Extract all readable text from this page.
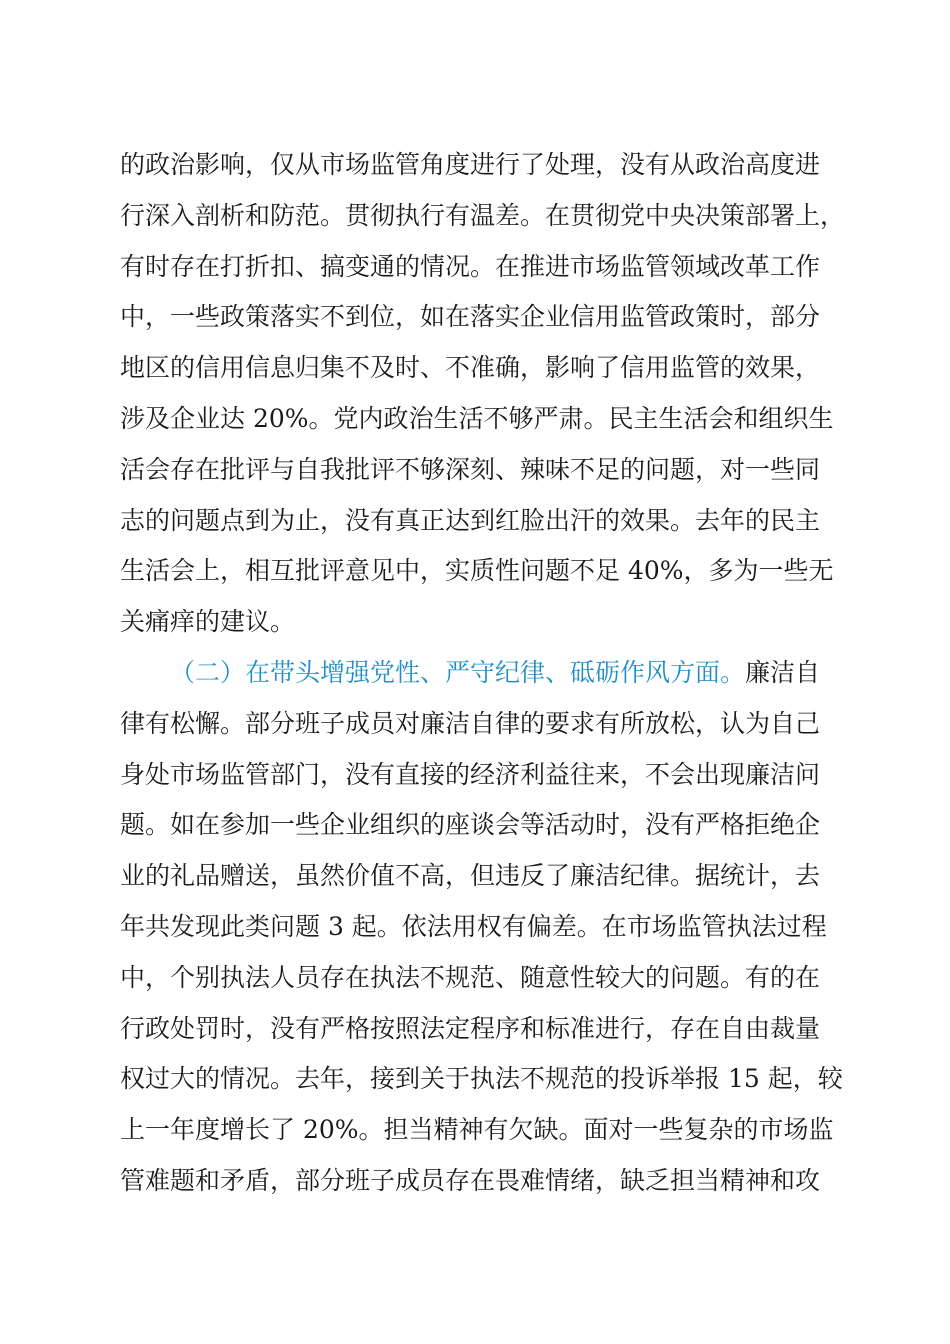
的政治影响，仅从市场监管角度进行了处理，没有从政治高度进
行深入剖析和防范。贯彻执行有温差。在贯彻党中央决策部署上，
有时存在打折扣、搞变通的情况。在推进市场监管领域改革工作
中，一些政策落实不到位，如在落实企业信用监管政策时，部分
地区的信用信息归集不及时、不准确，影响了信用监管的效果，
涉及企业达 20%。党内政治生活不够严肃。民主生活会和组织生
活会存在批评与自我批评不够深刻、辣味不足的问题，对一些同
志的问题点到为止，没有真正达到红脸出汗的效果。去年的民主
生活会上，相互批评意见中，实质性问题不足 40%，多为一些无
关痛痒的建议。
（二）在带头增强党性、严守纪律、砥砺作风方面。廉洁自
律有松懈。部分班子成员对廉洁自律的要求有所放松，认为自己
身处市场监管部门，没有直接的经济利益往来，不会出现廉洁问
题。如在参加一些企业组织的座谈会等活动时，没有严格拒绝企
业的礼品赠送，虽然价值不高，但违反了廉洁纪律。据统计，去
年共发现此类问题 3 起。依法用权有偏差。在市场监管执法过程
中，个别执法人员存在执法不规范、随意性较大的问题。有的在
行政处罚时，没有严格按照法定程序和标准进行，存在自由裁量
权过大的情况。去年，接到关于执法不规范的投诉举报 15 起，较
上一年度增长了 20%。担当精神有欠缺。面对一些复杂的市场监
管难题和矛盾，部分班子成员存在畏难情绪，缺乏担当精神和攻
